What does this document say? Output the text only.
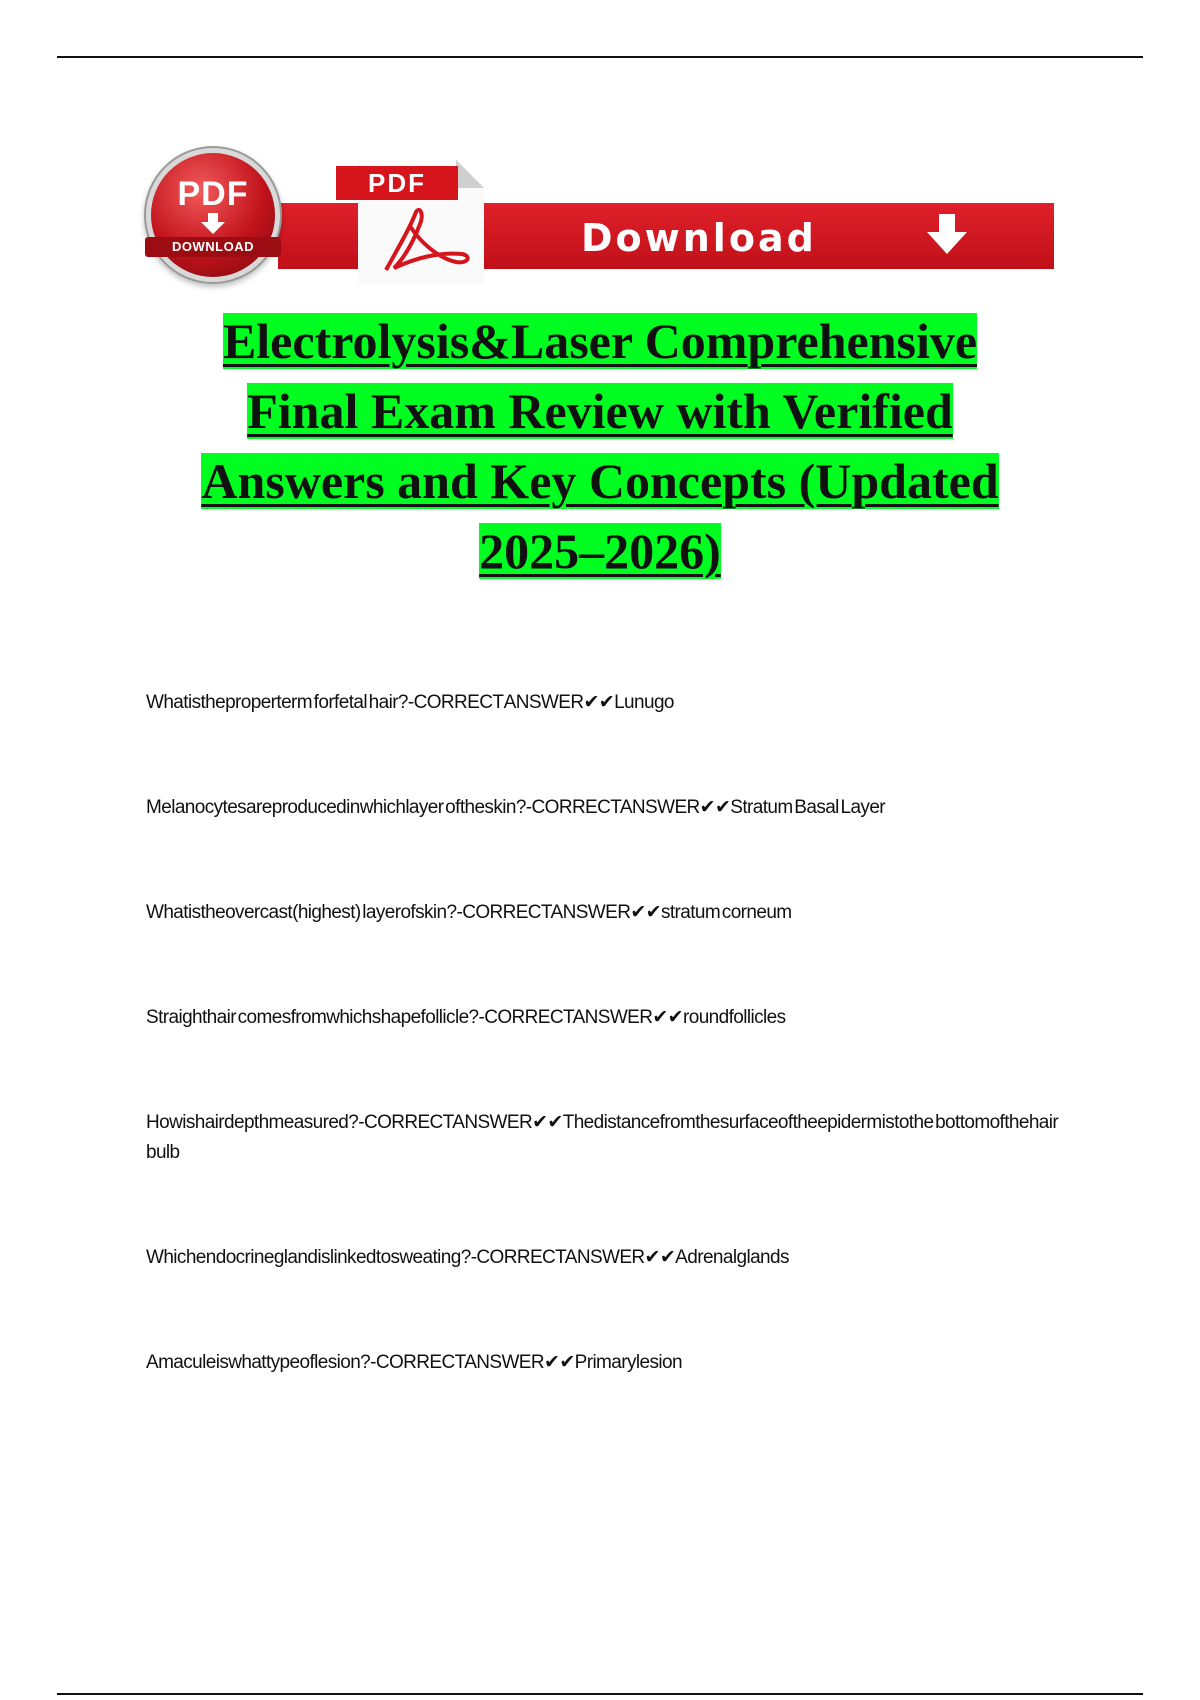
Download
PDF
PDF
DOWNLOAD
Electrolysis&Laser Comprehensive
Final Exam Review with Verified
Answers and Key Concepts (Updated
2025–2026)
Whatistheproperterm forfetal hair?-CORRECT ANSWER✔✔Lunugo
Melanocytesareproducedinwhichlayer oftheskin?-CORRECTANSWER✔✔Stratum Basal Layer
Whatistheovercast(highest) layerofskin?-CORRECTANSWER✔✔stratum corneum
Straighthair comesfromwhichshapefollicle?-CORRECTANSWER✔✔roundfollicles
Howishairdepthmeasured?-CORRECTANSWER✔✔Thedistancefromthesurfaceoftheepidermistothe bottomofthehair bulb
Whichendocrineglandislinkedtosweating?-CORRECTANSWER✔✔Adrenalglands
Amaculeiswhattypeoflesion?-CORRECTANSWER✔✔Primarylesion
